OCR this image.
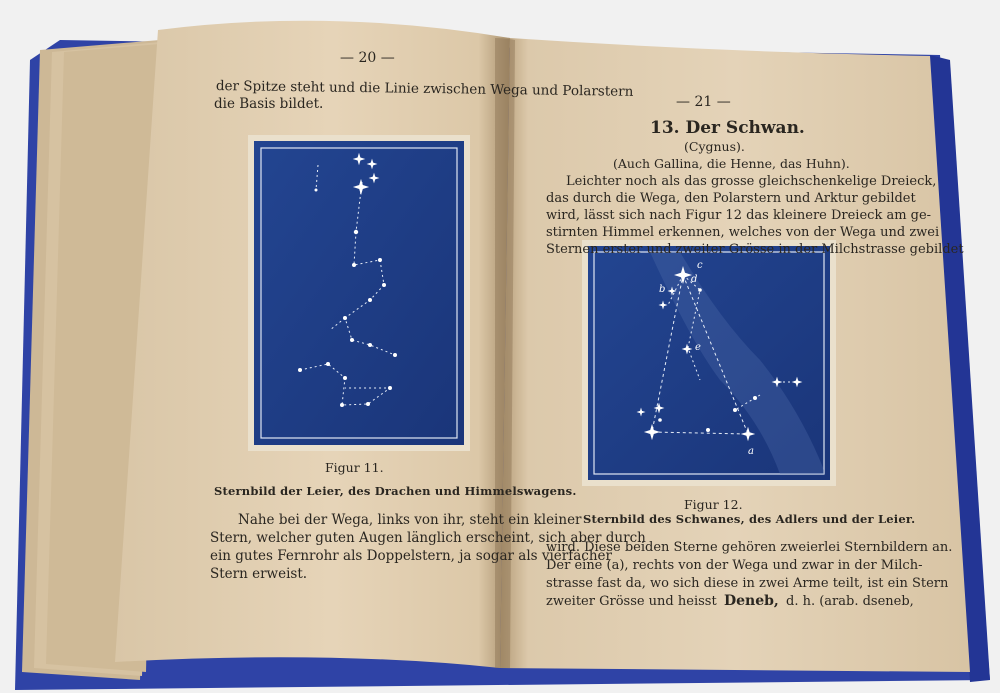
— 20 —
der Spitze steht und die Linie zwischen Wega und Polarstern
die Basis bildet.
Figur 11.
Sternbild der Leier, des Drachen und Himmelswagens.
Nahe bei der Wega, links von ihr, steht ein kleiner
Stern, welcher guten Augen länglich erscheint, sich aber durch
ein gutes Fernrohr als Doppelstern, ja sogar als vierfacher
Stern erweist.
— 21 —
13. Der Schwan.
(Cygnus).
(Auch Gallina, die Henne, das Huhn).
Leichter noch als das grosse gleichschenkelige Dreieck,
das durch die Wega, den Polarstern und Arktur gebildet
wird, lässt sich nach Figur 12 das kleinere Dreieck am ge-
stirnten Himmel erkennen, welches von der Wega und zwei
Sternen erster und zweiter Grösse in der Milchstrasse gebildet
c
d
b
e
a
Figur 12.
Sternbild des Schwanes, des Adlers und der Leier.
wird. Diese beiden Sterne gehören zweierlei Sternbildern an.
Der eine (a), rechts von der Wega und zwar in der Milch-
strasse fast da, wo sich diese in zwei Arme teilt, ist ein Stern
zweiter Grösse und heisst Deneb, d. h. (arab. dseneb,
